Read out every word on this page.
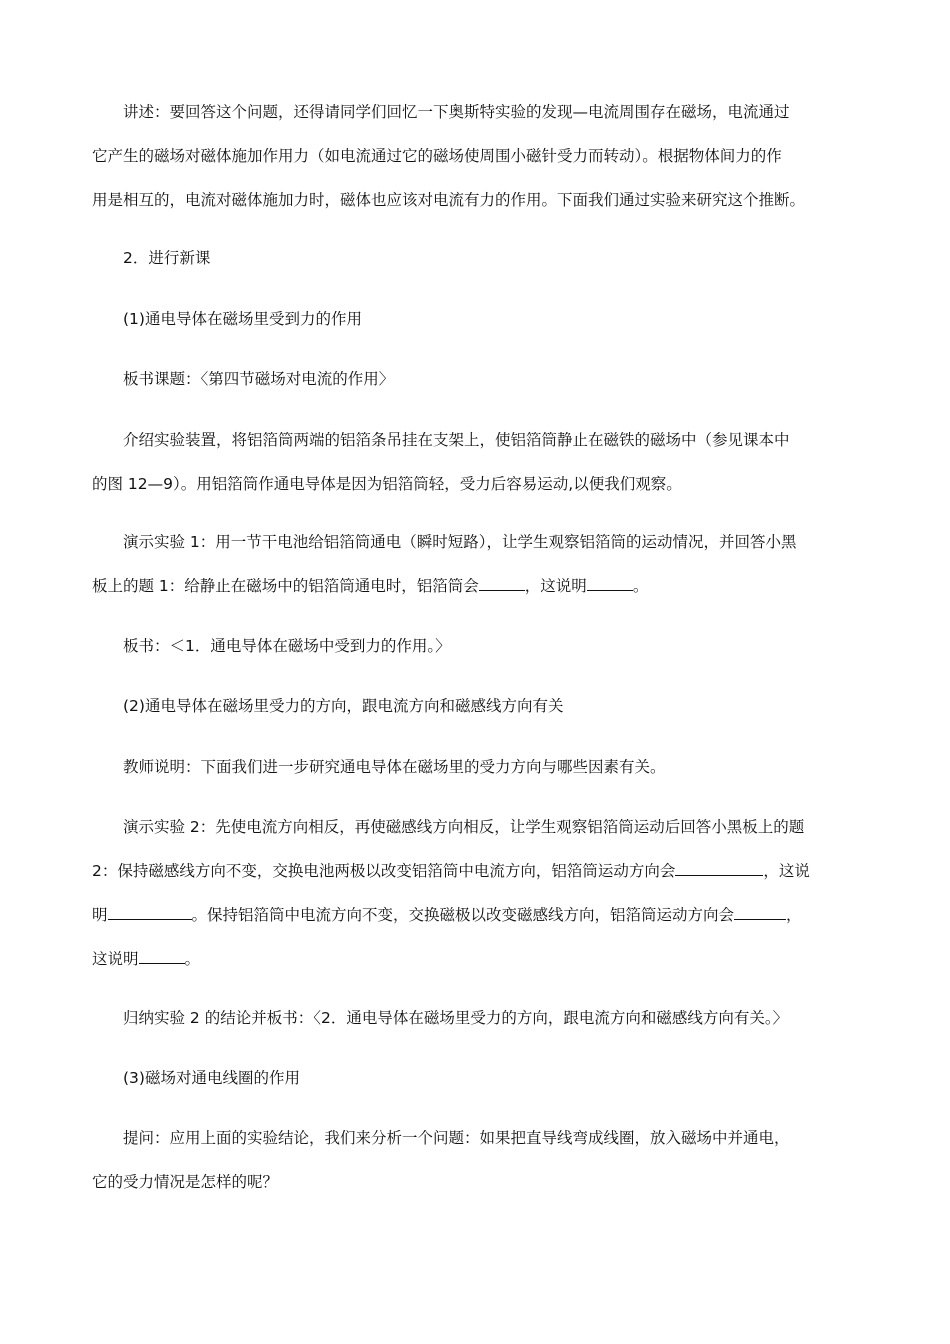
讲述：要回答这个问题，还得请同学们回忆一下奥斯特实验的发现—电流周围存在磁场，电流通过
它产生的磁场对磁体施加作用力（如电流通过它的磁场使周围小磁针受力而转动）。根据物体间力的作
用是相互的，电流对磁体施加力时，磁体也应该对电流有力的作用。下面我们通过实验来研究这个推断。
2．进行新课
(1)通电导体在磁场里受到力的作用
板书课题：〈第四节磁场对电流的作用〉
介绍实验装置，将铝箔筒两端的铝箔条吊挂在支架上，使铝箔筒静止在磁铁的磁场中（参见课本中
的图 12—9）。用铝箔筒作通电导体是因为铝箔筒轻，受力后容易运动,以便我们观察。
演示实验 1：用一节干电池给铝箔筒通电（瞬时短路），让学生观察铝箔筒的运动情况，并回答小黑
板上的题 1：给静止在磁场中的铝箔筒通电时，铝箔筒会	，这说明	。
板书：＜1．通电导体在磁场中受到力的作用。〉
(2)通电导体在磁场里受力的方向，跟电流方向和磁感线方向有关
教师说明：下面我们进一步研究通电导体在磁场里的受力方向与哪些因素有关。
演示实验 2：先使电流方向相反，再使磁感线方向相反，让学生观察铝箔筒运动后回答小黑板上的题
2：保持磁感线方向不变，交换电池两极以改变铝箔筒中电流方向，铝箔筒运动方向会	，这说
明	。保持铝箔筒中电流方向不变，交换磁极以改变磁感线方向，铝箔筒运动方向会	，
这说明	。
归纳实验 2 的结论并板书：〈2．通电导体在磁场里受力的方向，跟电流方向和磁感线方向有关。〉
(3)磁场对通电线圈的作用
提问：应用上面的实验结论，我们来分析一个问题：如果把直导线弯成线圈，放入磁场中并通电，
它的受力情况是怎样的呢？
